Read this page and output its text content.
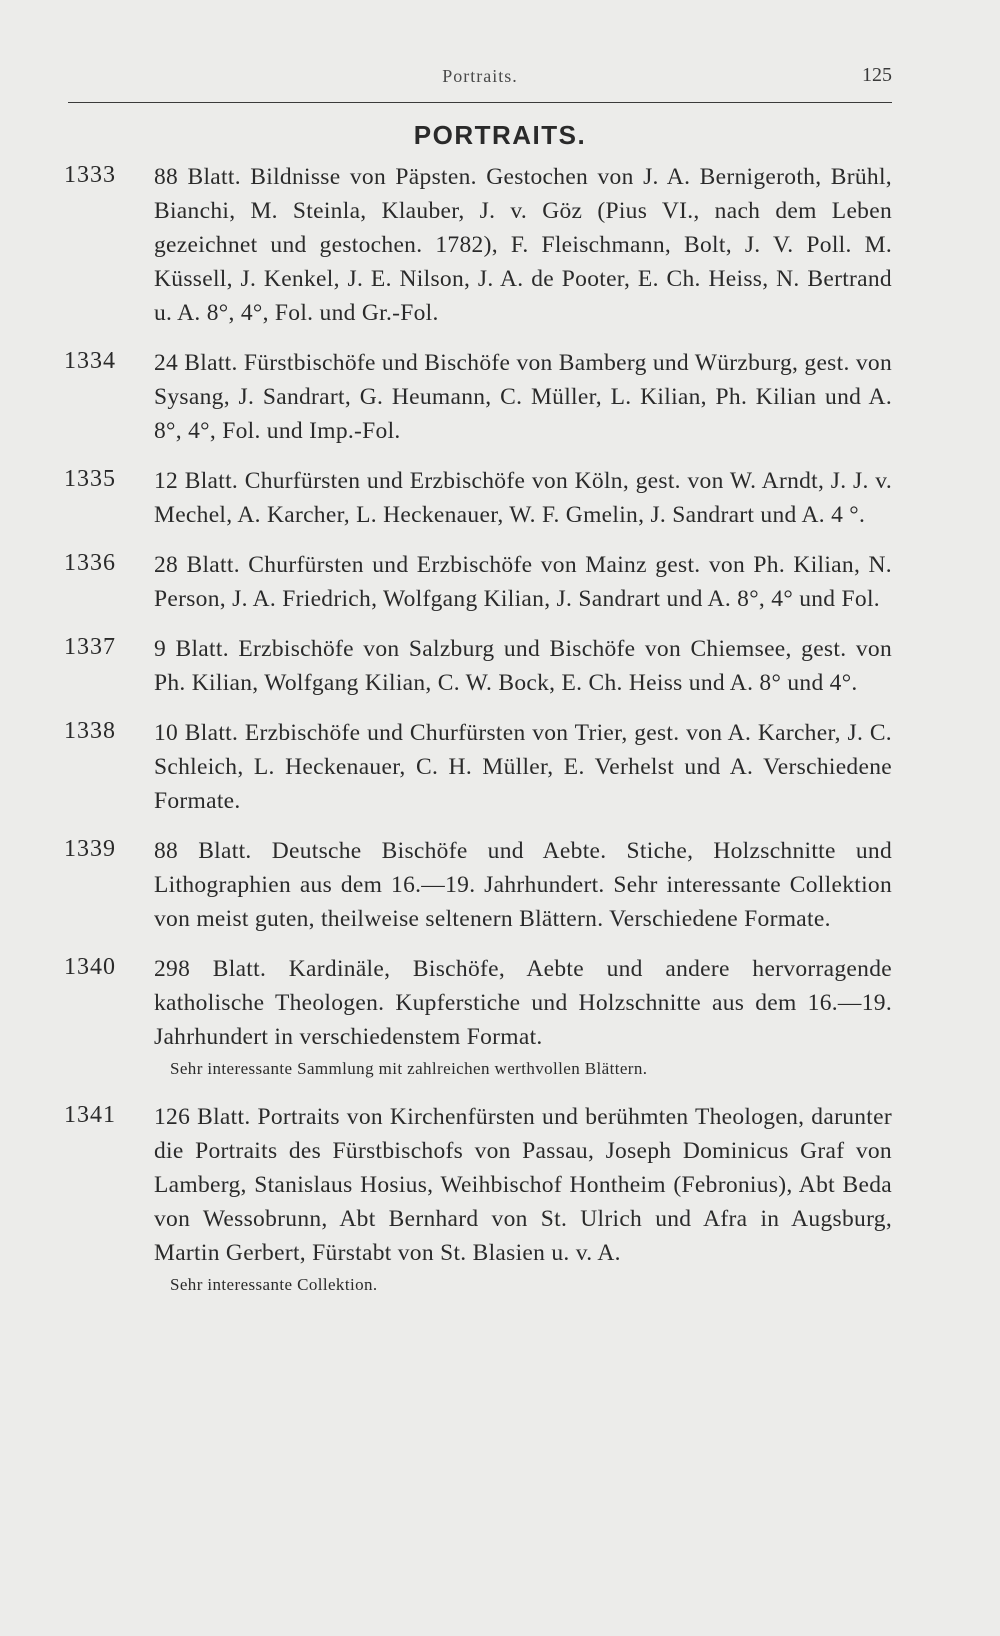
Portraits.	125
PORTRAITS.
1333 88 Blatt. Bildnisse von Päpsten. Gestochen von J. A. Bernigeroth, Brühl, Bianchi, M. Steinla, Klauber, J. v. Göz (Pius VI., nach dem Leben gezeichnet und gestochen. 1782), F. Fleischmann, Bolt, J. V. Poll. M. Küssell, J. Kenkel, J. E. Nilson, J. A. de Pooter, E. Ch. Heiss, N. Bertrand u. A. 8°, 4°, Fol. und Gr.-Fol.
1334 24 Blatt. Fürstbischöfe und Bischöfe von Bamberg und Würzburg, gest. von Sysang, J. Sandrart, G. Heumann, C. Müller, L. Kilian, Ph. Kilian und A. 8°, 4°, Fol. und Imp.-Fol.
1335 12 Blatt. Churfürsten und Erzbischöfe von Köln, gest. von W. Arndt, J. J. v. Mechel, A. Karcher, L. Heckenauer, W. F. Gmelin, J. Sandrart und A. 4 °.
1336 28 Blatt. Churfürsten und Erzbischöfe von Mainz gest. von Ph. Kilian, N. Person, J. A. Friedrich, Wolfgang Kilian, J. Sandrart und A. 8°, 4° und Fol.
1337 9 Blatt. Erzbischöfe von Salzburg und Bischöfe von Chiemsee, gest. von Ph. Kilian, Wolfgang Kilian, C. W. Bock, E. Ch. Heiss und A. 8° und 4°.
1338 10 Blatt. Erzbischöfe und Churfürsten von Trier, gest. von A. Karcher, J. C. Schleich, L. Heckenauer, C. H. Müller, E. Verhelst und A. Verschiedene Formate.
1339 88 Blatt. Deutsche Bischöfe und Aebte. Stiche, Holzschnitte und Lithographien aus dem 16.—19. Jahrhundert. Sehr interessante Collektion von meist guten, theilweise seltenern Blättern. Verschiedene Formate.
1340 298 Blatt. Kardinäle, Bischöfe, Aebte und andere hervorragende katholische Theologen. Kupferstiche und Holzschnitte aus dem 16.—19. Jahrhundert in verschiedenstem Format.
Sehr interessante Sammlung mit zahlreichen werthvollen Blättern.
1341 126 Blatt. Portraits von Kirchenfürsten und berühmten Theologen, darunter die Portraits des Fürstbischofs von Passau, Joseph Dominicus Graf von Lamberg, Stanislaus Hosius, Weihbischof Hontheim (Febronius), Abt Beda von Wessobrunn, Abt Bernhard von St. Ulrich und Afra in Augsburg, Martin Gerbert, Fürstabt von St. Blasien u. v. A.
Sehr interessante Collektion.
